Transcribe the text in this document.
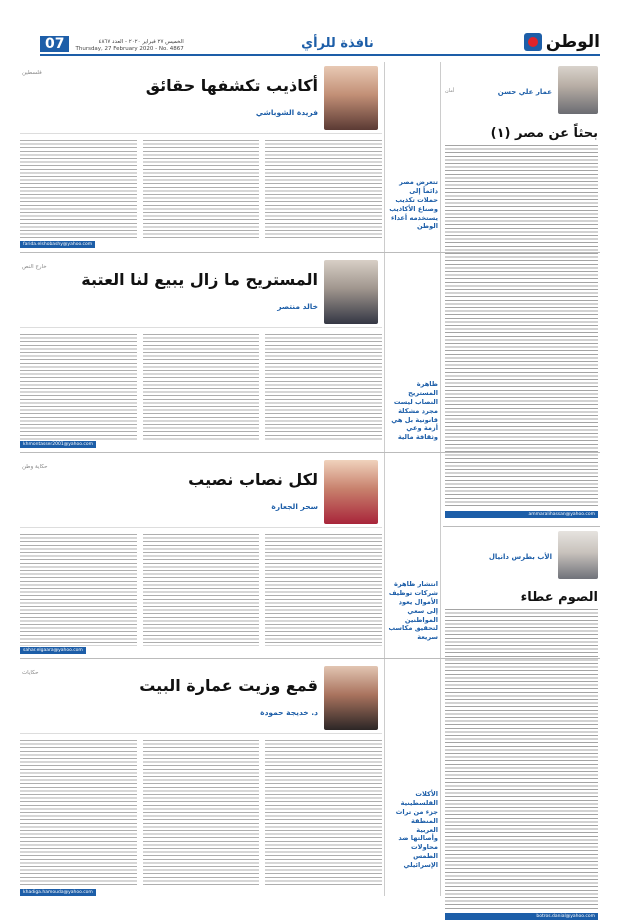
الوطن
نافذة للرأي
الخميس ٢٧ فبراير ٢٠٢٠ - العدد ٤٨٦٧
Thursday, 27 February 2020 - No. 4867
07
عمار علي حسن
أمان
بحثاً عن مصر (١)
ammaralihassan@yahoo.com
الأب بطرس دانيال
الصوم عطاء
botros.danial@yahoo.com
تتعرض مصر دائماً إلى حملات تكذيب وصناع الأكاذيب يستخدمه أعداء الوطن
ظاهرة المستريح النصاب ليست مجرد مشكلة قانونية بل هي أزمة وعي وثقافة مالية
انتشار ظاهرة شركات توظيف الأموال يعود إلى سعي المواطنين لتحقيق مكاسب سريعة
الأكلات الفلسطينية جزء من تراث المنطقة العربية وأصالتها ضد محاولات الطمس الإسرائيلي
أكاذيب تكشفها حقائق
فريدة الشوباشي
فلسطين
farida.elshobashy@yahoo.com
المستريح ما زال يبيع لنا العتبة
خالد منتصر
خارج النص
khmontasser2001@yahoo.com
لكل نصاب نصيب
سحر الجعارة
حكاية وطن
sahar.elgaara@yahoo.com
قمع وزيت عمارة البيت
د. خديجة حمودة
حكايات
khadiga.hamouda@yahoo.com
